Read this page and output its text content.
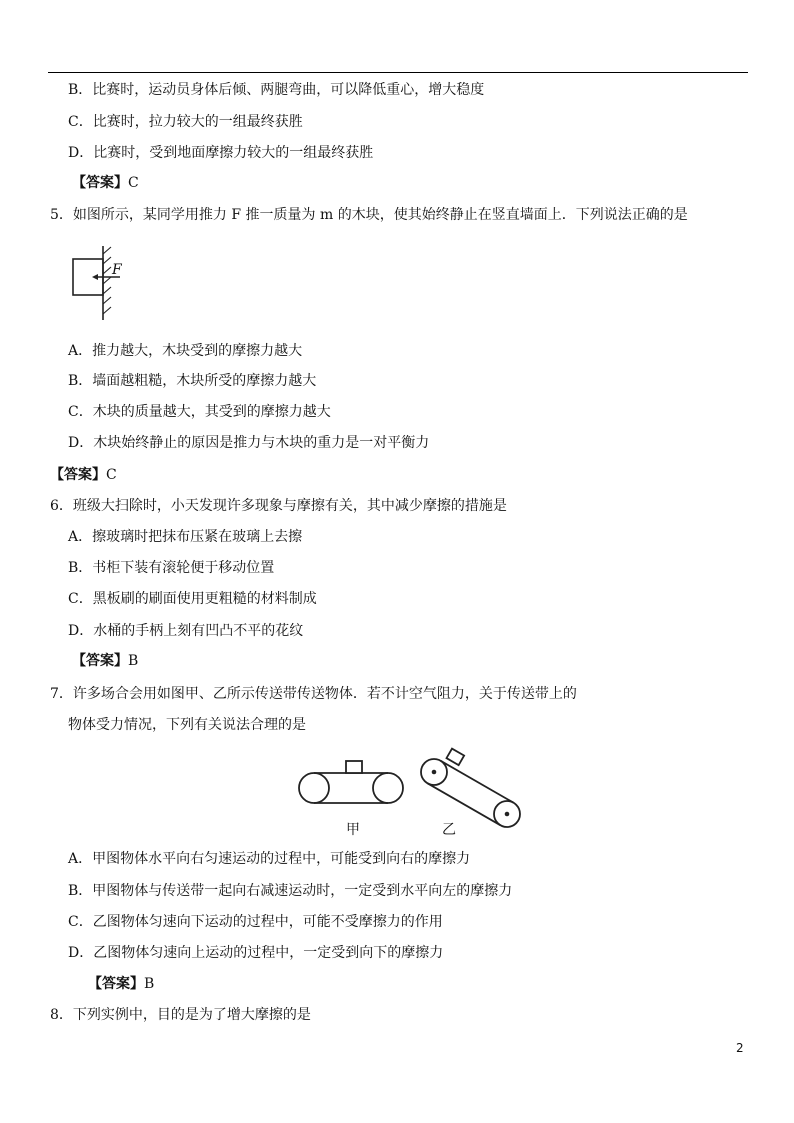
B．比赛时，运动员身体后倾、两腿弯曲，可以降低重心，增大稳度
C．比赛时，拉力较大的一组最终获胜
D．比赛时，受到地面摩擦力较大的一组最终获胜
【答案】C
5．如图所示，某同学用推力 F 推一质量为 m 的木块，使其始终静止在竖直墙面上．下列说法正确的是
F
A．推力越大，木块受到的摩擦力越大
B．墙面越粗糙，木块所受的摩擦力越大
C．木块的质量越大，其受到的摩擦力越大
D．木块始终静止的原因是推力与木块的重力是一对平衡力
【答案】C
6．班级大扫除时，小天发现许多现象与摩擦有关，其中减少摩擦的措施是
A．擦玻璃时把抹布压紧在玻璃上去擦
B．书柜下装有滚轮便于移动位置
C．黑板刷的刷面使用更粗糙的材料制成
D．水桶的手柄上刻有凹凸不平的花纹
【答案】B
7．许多场合会用如图甲、乙所示传送带传送物体．若不计空气阻力，关于传送带上的
物体受力情况，下列有关说法合理的是
甲	乙
A．甲图物体水平向右匀速运动的过程中，可能受到向右的摩擦力
B．甲图物体与传送带一起向右减速运动时，一定受到水平向左的摩擦力
C．乙图物体匀速向下运动的过程中，可能不受摩擦力的作用
D．乙图物体匀速向上运动的过程中，一定受到向下的摩擦力
【答案】B
8．下列实例中，目的是为了增大摩擦的是
2
